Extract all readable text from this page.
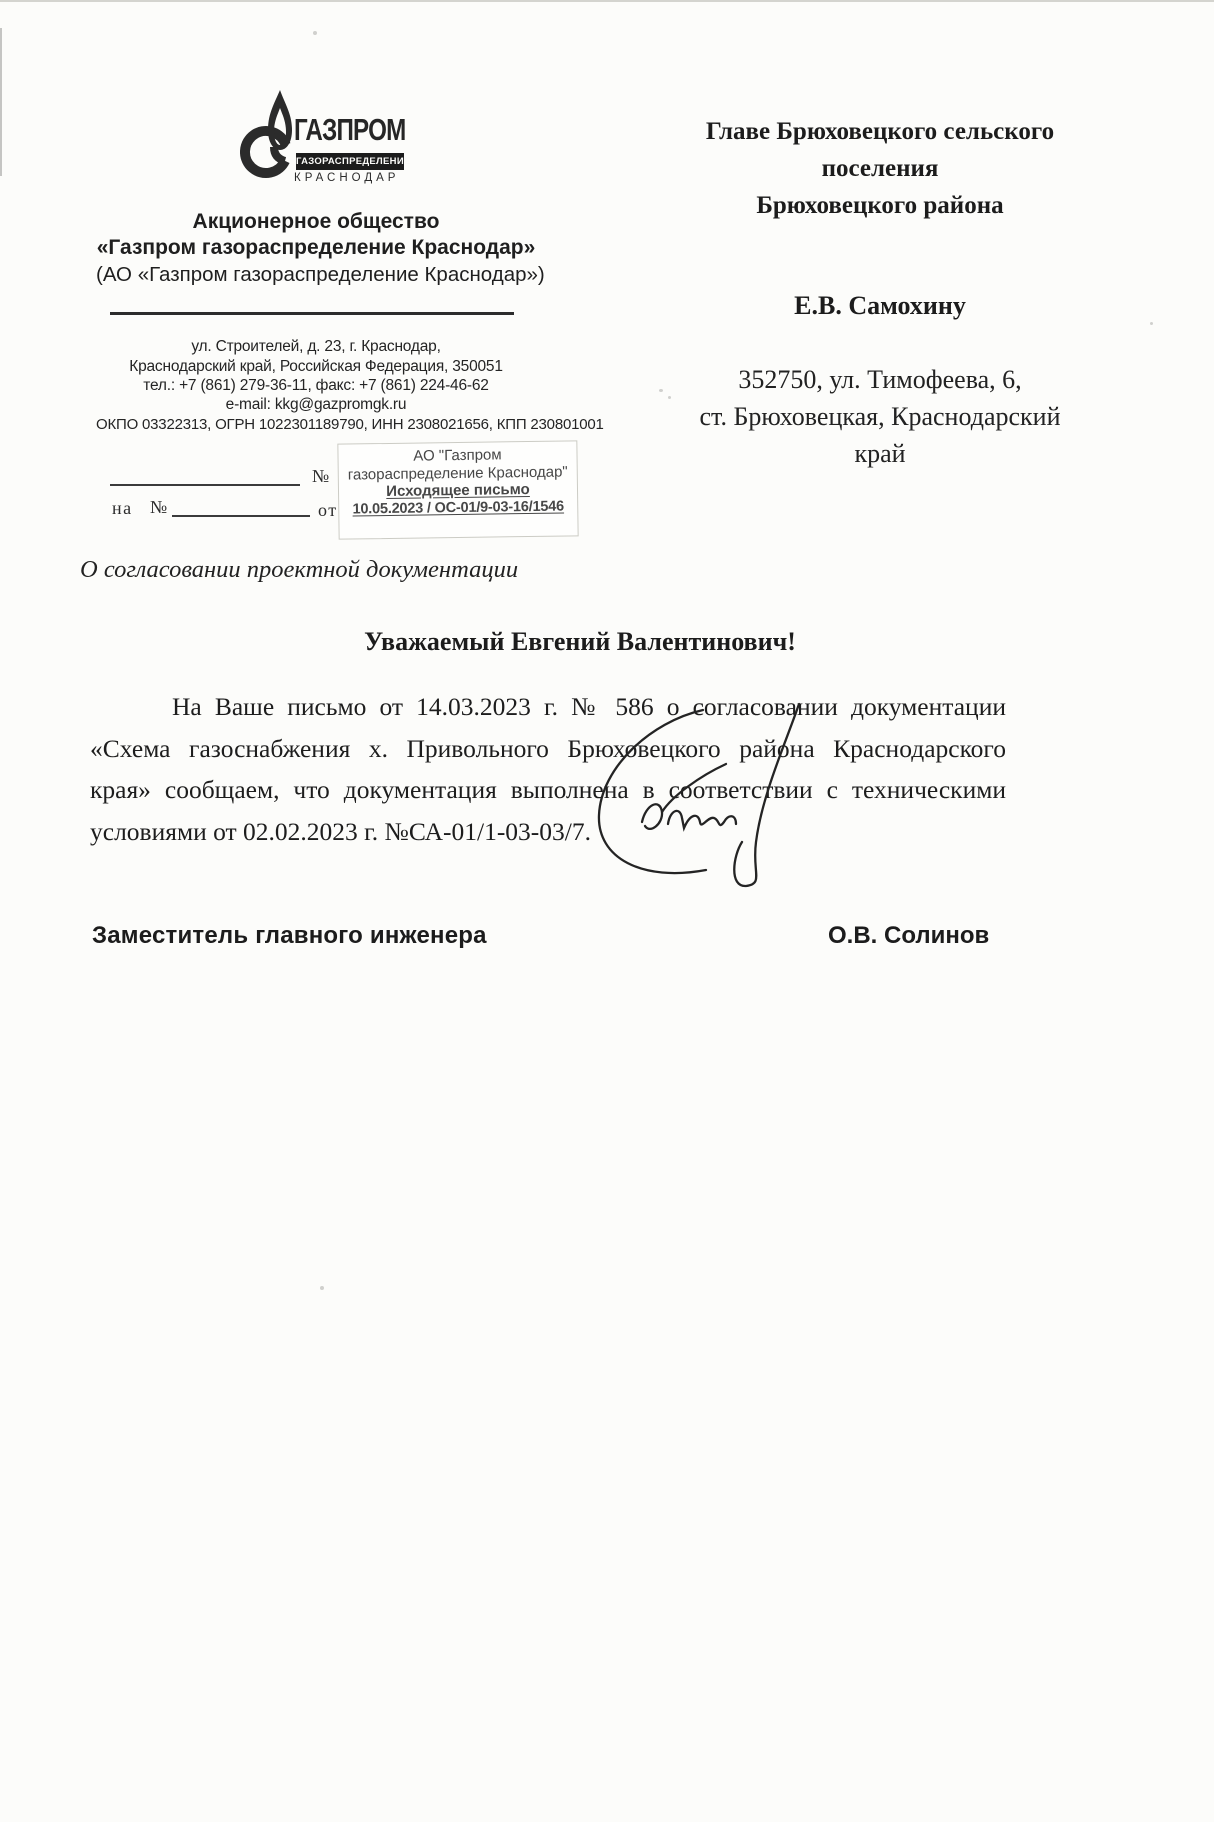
ГАЗПРОМ
ГАЗОРАСПРЕДЕЛЕНИЕ
КРАСНОДАР
Акционерное общество
«Газпром газораспределение Краснодар»
(АО «Газпром газораспределение Краснодар»)
ул. Строителей, д. 23, г. Краснодар,
Краснодарский край, Российская Федерация, 350051
тел.: +7 (861) 279-36-11, факс: +7 (861) 224-46-62
e-mail: kkg@gazpromgk.ru
ОКПО 03322313, ОГРН 1022301189790, ИНН 2308021656, КПП 230801001
№
на №	от
АО "Газпром
газораспределение Краснодар"
Исходящее письмо
10.05.2023 / ОС-01/9-03-16/1546
Главе Брюховецкого сельского
поселения
Брюховецкого района
Е.В. Самохину
352750, ул. Тимофеева, 6,
ст. Брюховецкая, Краснодарский
край
О согласовании проектной документации
Уважаемый Евгений Валентинович!
На Ваше письмо от 14.03.2023 г. № 586 о согласовании документации
«Схема газоснабжения х. Привольного Брюховецкого района Краснодарского
края» сообщаем, что документация выполнена в соответствии с техническими
условиями от 02.02.2023 г. №СА-01/1-03-03/7.
Заместитель главного инженера	О.В. Солинов
